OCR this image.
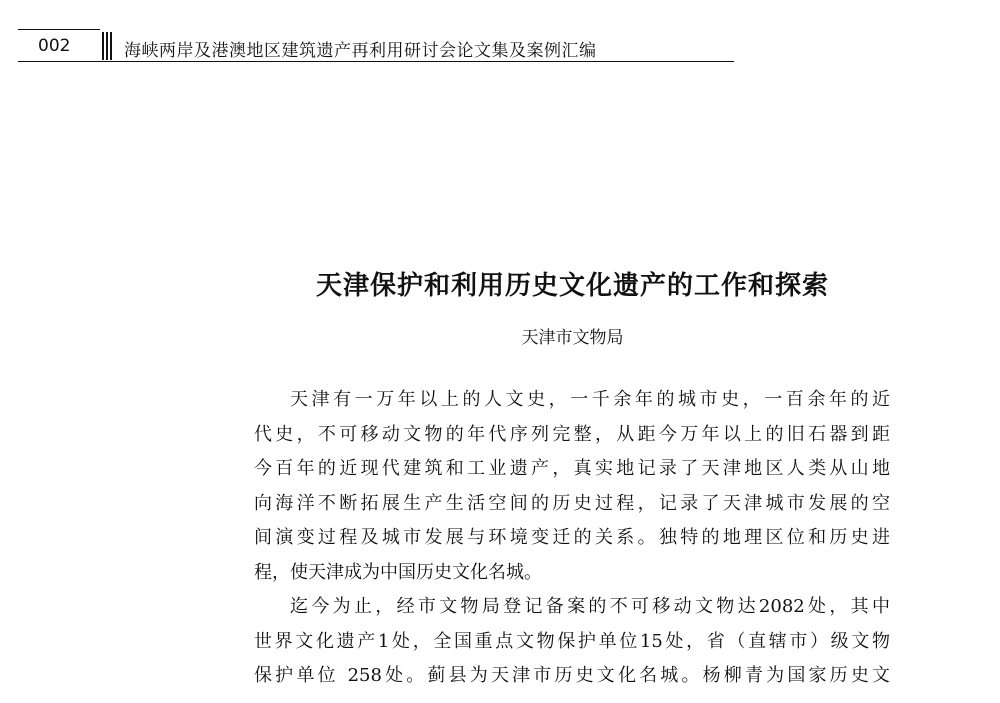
002	海峡两岸及港澳地区建筑遗产再利用研讨会论文集及案例汇编
天津保护和利用历史文化遗产的工作和探索
天津市文物局
天津有一万年以上的人文史，一千余年的城市史，一百余年的近
代史，不可移动文物的年代序列完整，从距今万年以上的旧石器到距
今百年的近现代建筑和工业遗产，真实地记录了天津地区人类从山地
向海洋不断拓展生产生活空间的历史过程，记录了天津城市发展的空
间演变过程及城市发展与环境变迁的关系。独特的地理区位和历史进
程，使天津成为中国历史文化名城。
迄今为止，经市文物局登记备案的不可移动文物达2082处，其中
世界文化遗产1处，全国重点文物保护单位15处，省（直辖市）级文物
保护单位 258处。蓟县为天津市历史文化名城。杨柳青为国家历史文
